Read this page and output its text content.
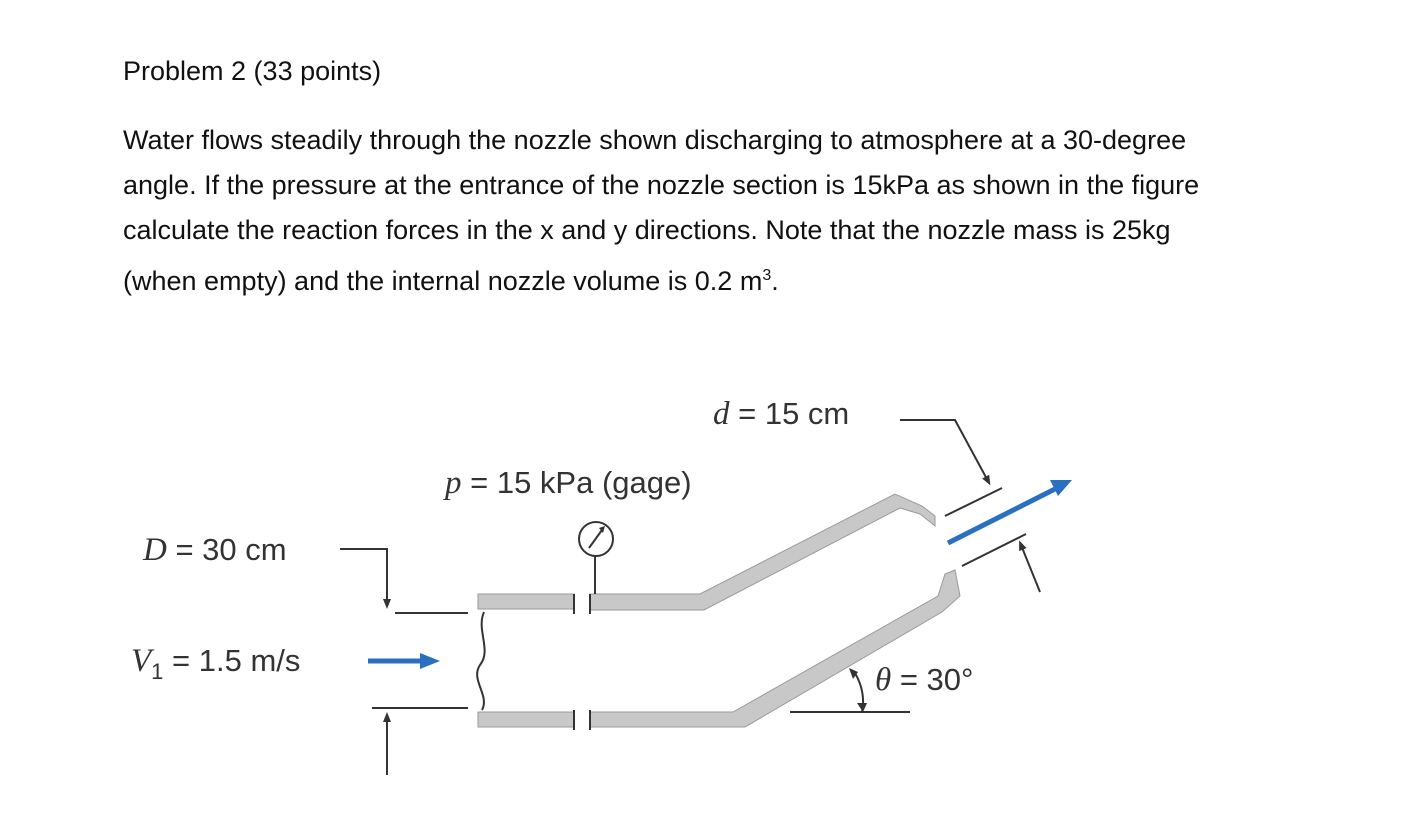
Problem 2 (33 points)
Water flows steadily through the nozzle shown discharging to atmosphere at a 30-degree
angle. If the pressure at the entrance of the nozzle section is 15kPa as shown in the figure
calculate the reaction forces in the x and y directions. Note that the nozzle mass is 25kg
(when empty) and the internal nozzle volume is 0.2 $m^3$.
d = 15 cm
p = 15 kPa (gage)
D = 30 cm
$V_1 = 1.5$ m/s
θ = 30°
